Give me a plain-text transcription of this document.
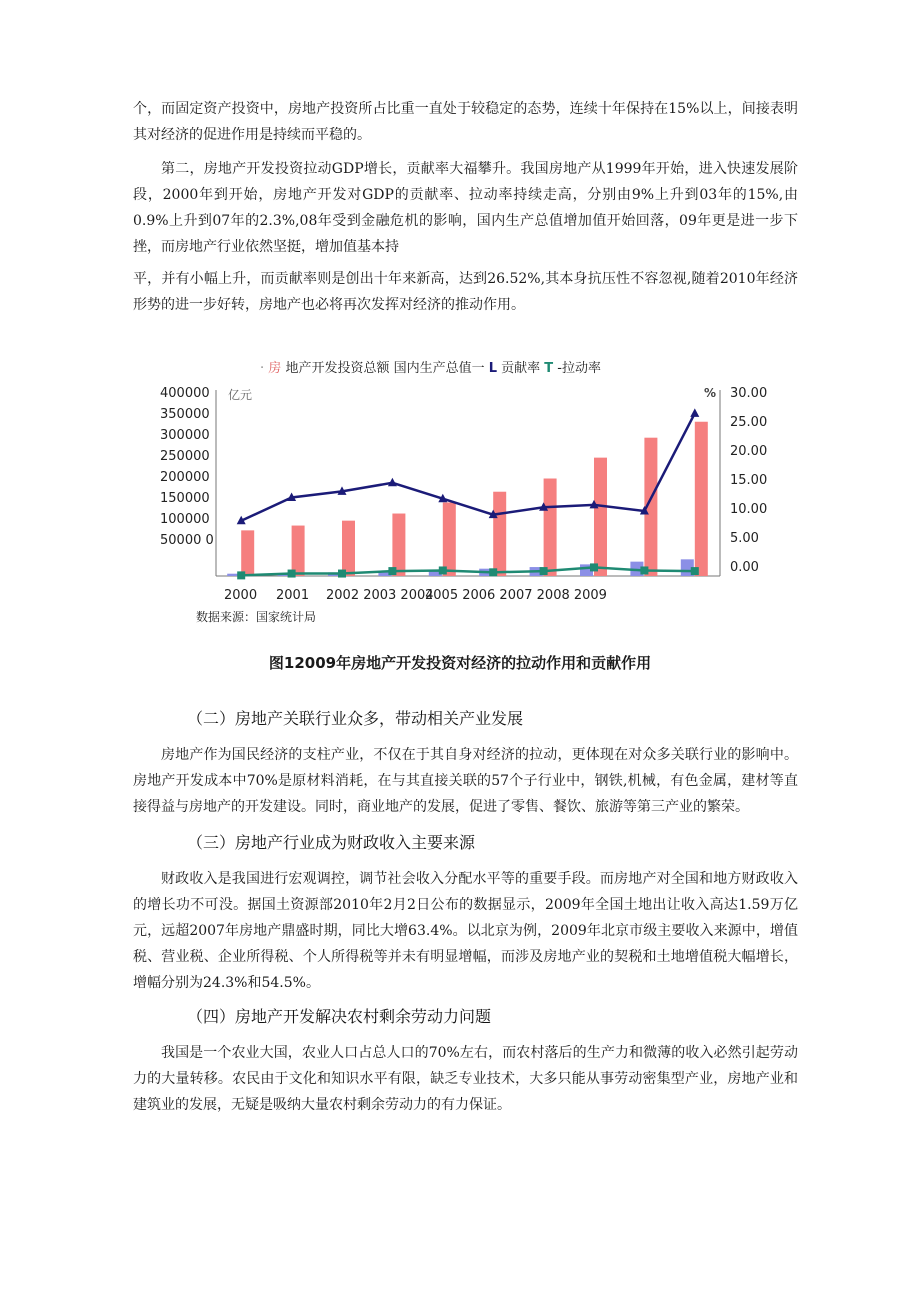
个，而固定资产投资中，房地产投资所占比重一直处于较稳定的态势，连续十年保持在15%以上，间接表明其对经济的促进作用是持续而平稳的。

第二，房地产开发投资拉动GDP增长，贡献率大福攀升。我国房地产从1999年开始，进入快速发展阶段，2000年到开始，房地产开发对GDP的贡献率、拉动率持续走高，分别由9%上升到03年的15%,由0.9%上升到07年的2.3%,08年受到金融危机的影响，国内生产总值增加值开始回落，09年更是进一步下挫，而房地产行业依然坚挺，增加值基本持

平，并有小幅上升，而贡献率则是创出十年来新高，达到26.52%,其本身抗压性不容忽视,随着2010年经济形势的进一步好转，房地产也必将再次发挥对经济的推动作用。

· 房 地产开发投资总额 国内生产总值一 L 贡献率 T -拉动率
400000
350000
300000
250000
200000
150000
100000
50000 0
亿元	% 30.00
25.00
20.00
15.00
10.00
5.00
0.00
2000 2001 2002 2003 2004
2005 2006 2007 2008 2009
数据来源：国家统计局

图12009年房地产开发投资对经济的拉动作用和贡献作用

（二）房地产关联行业众多，带动相关产业发展

房地产作为国民经济的支柱产业，不仅在于其自身对经济的拉动，更体现在对众多关联行业的影响中。房地产开发成本中70%是原材料消耗，在与其直接关联的57个子行业中，钢铁,机械，有色金属，建材等直接得益与房地产的开发建设。同时，商业地产的发展，促进了零售、餐饮、旅游等第三产业的繁荣。

（三）房地产行业成为财政收入主要来源

财政收入是我国进行宏观调控，调节社会收入分配水平等的重要手段。而房地产对全国和地方财政收入的增长功不可没。据国土资源部2010年2月2日公布的数据显示，2009年全国土地出让收入高达1.59万亿元，远超2007年房地产鼎盛时期，同比大增63.4%。以北京为例，2009年北京市级主要收入来源中，增值税、营业税、企业所得税、个人所得税等并未有明显增幅，而涉及房地产业的契税和土地增值税大幅增长，增幅分别为24.3%和54.5%。

（四）房地产开发解决农村剩余劳动力问题

我国是一个农业大国，农业人口占总人口的70%左右，而农村落后的生产力和微薄的收入必然引起劳动力的大量转移。农民由于文化和知识水平有限，缺乏专业技术，大多只能从事劳动密集型产业，房地产业和建筑业的发展，无疑是吸纳大量农村剩余劳动力的有力保证。
